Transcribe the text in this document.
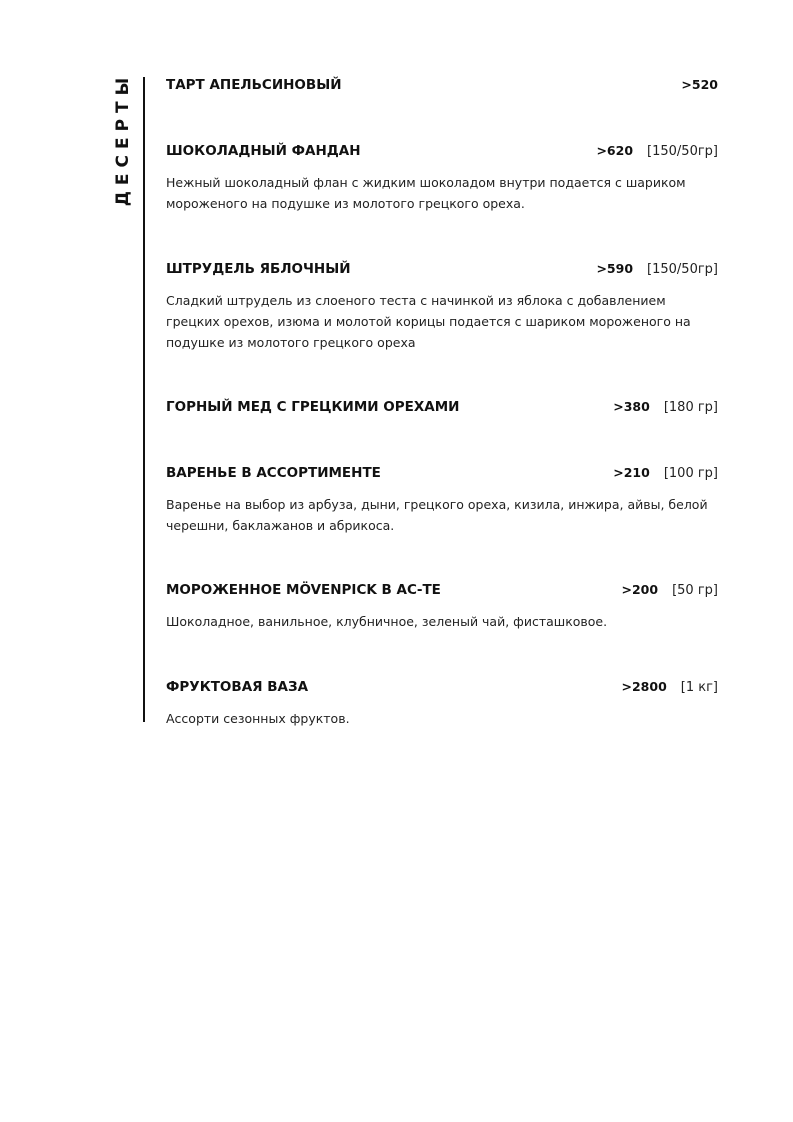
ДЕСЕРТЫ ТАРТ АПЕЛЬСИНОВЫЙ	>520
ШОКОЛАДНЫЙ ФАНДАН	>620 [150/50гр]
Нежный шоколадный флан с жидким шоколадом внутри подается с шариком мороженого на подушке из молотого грецкого ореха.
ШТРУДЕЛЬ ЯБЛОЧНЫЙ	>590 [150/50гр]
Сладкий штрудель из слоеного теста с начинкой из яблока с добавлением грецких орехов, изюма и молотой корицы подается с шариком мороженого на подушке из молотого грецкого ореха
ГОРНЫЙ МЕД С ГРЕЦКИМИ ОРЕХАМИ	>380 [180 гр]
ВАРЕНЬЕ В АССОРТИМЕНТЕ	>210 [100 гр]
Варенье на выбор из арбуза, дыни, грецкого ореха, кизила, инжира, айвы, белой черешни, баклажанов и абрикоса.
МОРОЖЕННОЕ MÖVENPICK В АС-ТЕ	>200 [50 гр]
Шоколадное, ванильное, клубничное, зеленый чай, фисташковое.
ФРУКТОВАЯ ВАЗА	>2800 [1 кг]
Ассорти сезонных фруктов.
